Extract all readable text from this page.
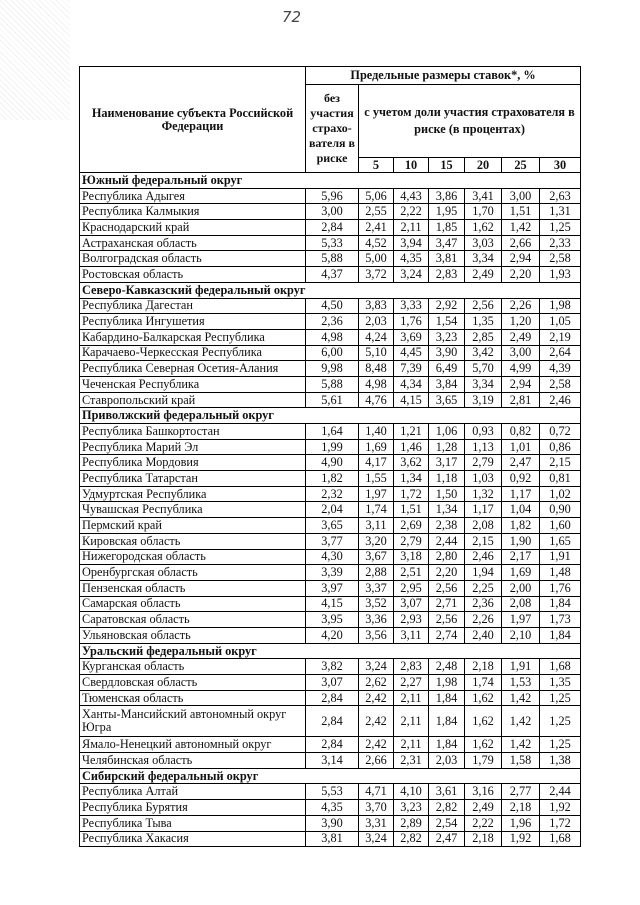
72
Наименование субъекта Российской Федерации	Предельные размеры ставок*, %						
	без участия страхо- вателя в риске	с учетом доли участия страхователя в риске (в процентах)					
		5	10	15	20	25	30
Южный федеральный округ							
Республика Адыгея	5,96	5,06	4,43	3,86	3,41	3,00	2,63
Республика Калмыкия	3,00	2,55	2,22	1,95	1,70	1,51	1,31
Краснодарский край	2,84	2,41	2,11	1,85	1,62	1,42	1,25
Астраханская область	5,33	4,52	3,94	3,47	3,03	2,66	2,33
Волгоградская область	5,88	5,00	4,35	3,81	3,34	2,94	2,58
Ростовская область	4,37	3,72	3,24	2,83	2,49	2,20	1,93
Северо-Кавказский федеральный округ							
Республика Дагестан	4,50	3,83	3,33	2,92	2,56	2,26	1,98
Республика Ингушетия	2,36	2,03	1,76	1,54	1,35	1,20	1,05
Кабардино-Балкарская Республика	4,98	4,24	3,69	3,23	2,85	2,49	2,19
Карачаево-Черкесская Республика	6,00	5,10	4,45	3,90	3,42	3,00	2,64
Республика Северная Осетия-Алания	9,98	8,48	7,39	6,49	5,70	4,99	4,39
Чеченская Республика	5,88	4,98	4,34	3,84	3,34	2,94	2,58
Ставропольский край	5,61	4,76	4,15	3,65	3,19	2,81	2,46
Приволжский федеральный округ							
Республика Башкортостан	1,64	1,40	1,21	1,06	0,93	0,82	0,72
Республика Марий Эл	1,99	1,69	1,46	1,28	1,13	1,01	0,86
Республика Мордовия	4,90	4,17	3,62	3,17	2,79	2,47	2,15
Республика Татарстан	1,82	1,55	1,34	1,18	1,03	0,92	0,81
Удмуртская Республика	2,32	1,97	1,72	1,50	1,32	1,17	1,02
Чувашская Республика	2,04	1,74	1,51	1,34	1,17	1,04	0,90
Пермский край	3,65	3,11	2,69	2,38	2,08	1,82	1,60
Кировская область	3,77	3,20	2,79	2,44	2,15	1,90	1,65
Нижегородская область	4,30	3,67	3,18	2,80	2,46	2,17	1,91
Оренбургская область	3,39	2,88	2,51	2,20	1,94	1,69	1,48
Пензенская область	3,97	3,37	2,95	2,56	2,25	2,00	1,76
Самарская область	4,15	3,52	3,07	2,71	2,36	2,08	1,84
Саратовская область	3,95	3,36	2,93	2,56	2,26	1,97	1,73
Ульяновская область	4,20	3,56	3,11	2,74	2,40	2,10	1,84
Уральский федеральный округ							
Курганская область	3,82	3,24	2,83	2,48	2,18	1,91	1,68
Свердловская область	3,07	2,62	2,27	1,98	1,74	1,53	1,35
Тюменская область	2,84	2,42	2,11	1,84	1,62	1,42	1,25
Ханты-Мансийский автономный округ Югра	2,84	2,42	2,11	1,84	1,62	1,42	1,25
Ямало-Ненецкий автономный округ	2,84	2,42	2,11	1,84	1,62	1,42	1,25
Челябинская область	3,14	2,66	2,31	2,03	1,79	1,58	1,38
Сибирский федеральный округ							
Республика Алтай	5,53	4,71	4,10	3,61	3,16	2,77	2,44
Республика Бурятия	4,35	3,70	3,23	2,82	2,49	2,18	1,92
Республика Тыва	3,90	3,31	2,89	2,54	2,22	1,96	1,72
Республика Хакасия	3,81	3,24	2,82	2,47	2,18	1,92	1,68
